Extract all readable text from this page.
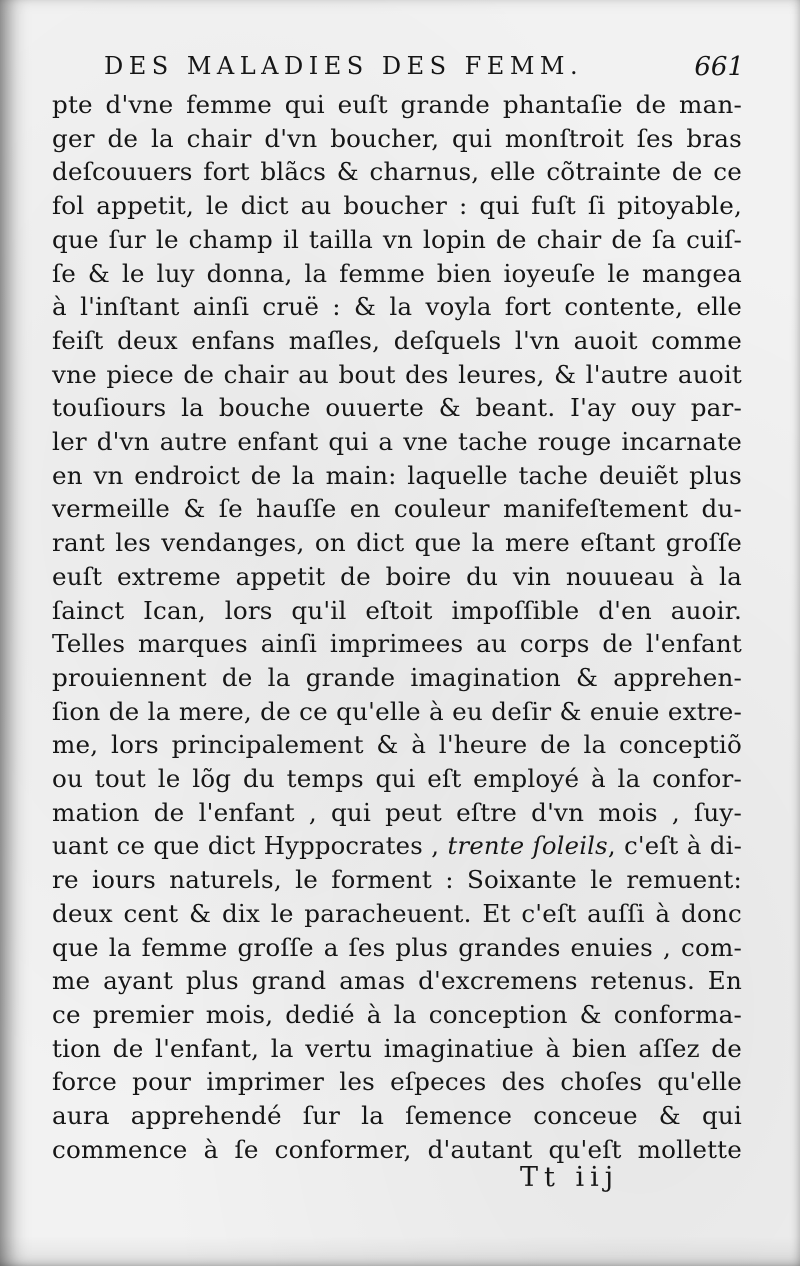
DES MALADIES DES FEMM.	661
pte d'vne femme qui euſt grande phantaſie de man-
ger de la chair d'vn boucher, qui monſtroit ſes bras
deſcouuers fort blãcs & charnus, elle cõtrainte de ce
fol appetit, le dict au boucher : qui fuſt ſi pitoyable,
que ſur le champ il tailla vn lopin de chair de ſa cuiſ-
ſe & le luy donna, la femme bien ioyeuſe le mangea
à l'inſtant ainſi cruë : & la voyla fort contente, elle
feiſt deux enfans maſles, deſquels l'vn auoit comme
vne piece de chair au bout des leures, & l'autre auoit
touſiours la bouche ouuerte & beant. I'ay ouy par-
ler d'vn autre enfant qui a vne tache rouge incarnate
en vn endroict de la main: laquelle tache deuiẽt plus
vermeille & ſe hauſſe en couleur manifeſtement du-
rant les vendanges, on dict que la mere eſtant groſſe
euſt extreme appetit de boire du vin nouueau à la
ſainct Ican, lors qu'il eſtoit impoſſible d'en auoir.
Telles marques ainſi imprimees au corps de l'enfant
prouiennent de la grande imagination & apprehen-
ſion de la mere, de ce qu'elle à eu deſir & enuie extre-
me, lors principalement & à l'heure de la conceptiõ
ou tout le lõg du temps qui eſt employé à la confor-
mation de l'enfant , qui peut eſtre d'vn mois , ſuy-
uant ce que dict Hyppocrates , trente ſoleils, c'eſt à di-
re iours naturels, le forment : Soixante le remuent:
deux cent & dix le paracheuent. Et c'eſt auſſi à donc
que la femme groſſe a ſes plus grandes enuies , com-
me ayant plus grand amas d'excremens retenus. En
ce premier mois, dedié à la conception & conforma-
tion de l'enfant, la vertu imaginatiue à bien aſſez de
force pour imprimer les eſpeces des choſes qu'elle
aura apprehendé ſur la ſemence conceue & qui
commence à ſe conformer, d'autant qu'eſt mollette
Tt iij
